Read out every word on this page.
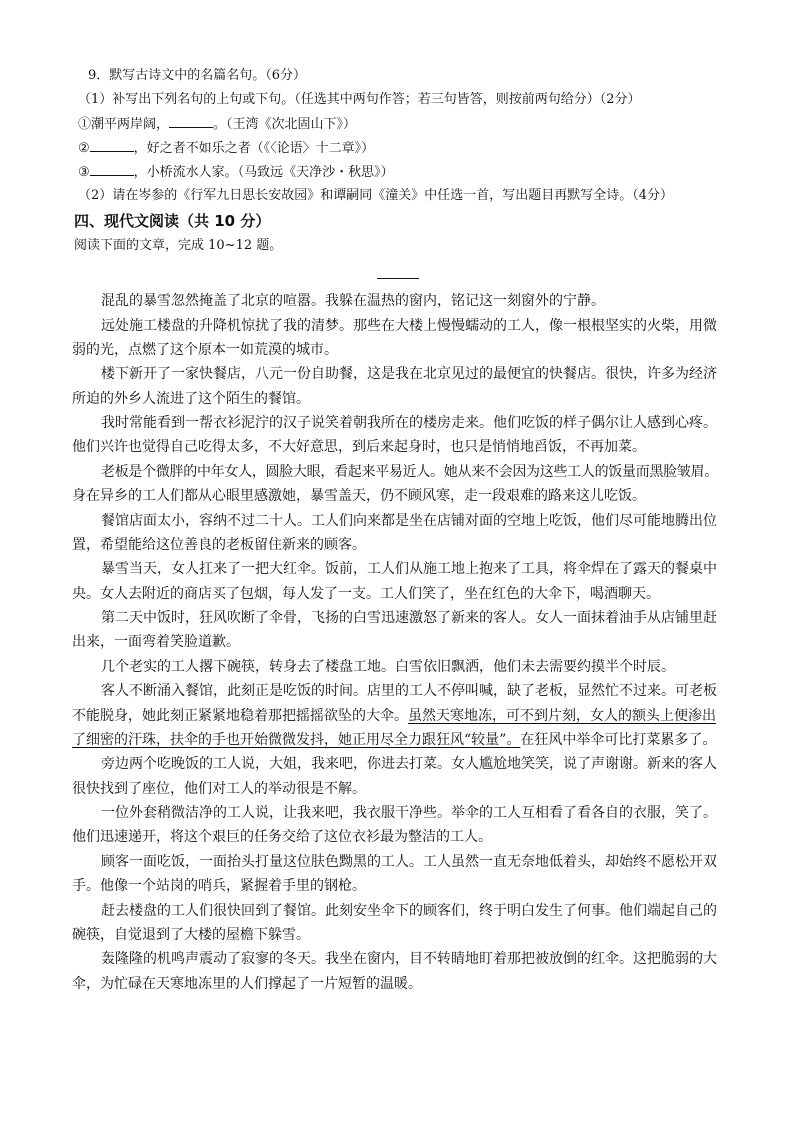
9．默写古诗文中的名篇名句。（6分）
（1）补写出下列名句的上句或下句。（任选其中两句作答；若三句皆答，则按前两句给分）（2分）
①潮平两岸阔，	。（王湾《次北固山下》）
②	，好之者不如乐之者（《〈论语〉十二章》）
③	，小桥流水人家。（马致远《天净沙・秋思》）
（2）请在岑参的《行军九日思长安故园》和谭嗣同《潼关》中任选一首，写出题目再默写全诗。（4分）
四、现代文阅读（共 10 分）
阅读下面的文章，完成 10~12 题。
混乱的暴雪忽然掩盖了北京的喧嚣。我躲在温热的窗内，铭记这一刻窗外的宁静。
远处施工楼盘的升降机惊扰了我的清梦。那些在大楼上慢慢蠕动的工人，像一根根坚实的火柴，用微
弱的光，点燃了这个原本一如荒漠的城市。
楼下新开了一家快餐店，八元一份自助餐，这是我在北京见过的最便宜的快餐店。很快，许多为经济
所迫的外乡人流进了这个陌生的餐馆。
我时常能看到一帮衣衫泥泞的汉子说笑着朝我所在的楼房走来。他们吃饭的样子偶尔让人感到心疼。
他们兴许也觉得自己吃得太多，不大好意思，到后来起身时，也只是悄悄地舀饭，不再加菜。
老板是个微胖的中年女人，圆脸大眼，看起来平易近人。她从来不会因为这些工人的饭量而黑脸皱眉。
身在异乡的工人们都从心眼里感激她，暴雪盖天，仍不顾风寒，走一段艰难的路来这儿吃饭。
餐馆店面太小，容纳不过二十人。工人们向来都是坐在店铺对面的空地上吃饭，他们尽可能地腾出位
置，希望能给这位善良的老板留住新来的顾客。
暴雪当天，女人扛来了一把大红伞。饭前，工人们从施工地上抱来了工具，将伞焊在了露天的餐桌中
央。女人去附近的商店买了包烟，每人发了一支。工人们笑了，坐在红色的大伞下，喝酒聊天。
第二天中饭时，狂风吹断了伞骨，飞扬的白雪迅速激怒了新来的客人。女人一面抹着油手从店铺里赶
出来，一面弯着笑脸道歉。
几个老实的工人撂下碗筷，转身去了楼盘工地。白雪依旧飘洒，他们未去需要约摸半个时辰。
客人不断涌入餐馆，此刻正是吃饭的时间。店里的工人不停叫喊，缺了老板，显然忙不过来。可老板
不能脱身，她此刻正紧紧地稳着那把摇摇欲坠的大伞。虽然天寒地冻，可不到片刻，女人的额头上便渗出
了细密的汗珠，扶伞的手也开始微微发抖，她正用尽全力跟狂风“较量”。在狂风中举伞可比打菜累多了。
旁边两个吃晚饭的工人说，大姐，我来吧，你进去打菜。女人尴尬地笑笑，说了声谢谢。新来的客人
很快找到了座位，他们对工人的举动很是不解。
一位外套稍微洁净的工人说，让我来吧，我衣服干净些。举伞的工人互相看了看各自的衣服，笑了。
他们迅速递开，将这个艰巨的任务交给了这位衣衫最为整洁的工人。
顾客一面吃饭，一面抬头打量这位肤色黝黑的工人。工人虽然一直无奈地低着头，却始终不愿松开双
手。他像一个站岗的哨兵，紧握着手里的钢枪。
赶去楼盘的工人们很快回到了餐馆。此刻安坐伞下的顾客们，终于明白发生了何事。他们端起自己的
碗筷，自觉退到了大楼的屋檐下躲雪。
轰隆隆的机鸣声震动了寂寥的冬天。我坐在窗内，目不转睛地盯着那把被放倒的红伞。这把脆弱的大
伞，为忙碌在天寒地冻里的人们撑起了一片短暂的温暖。
